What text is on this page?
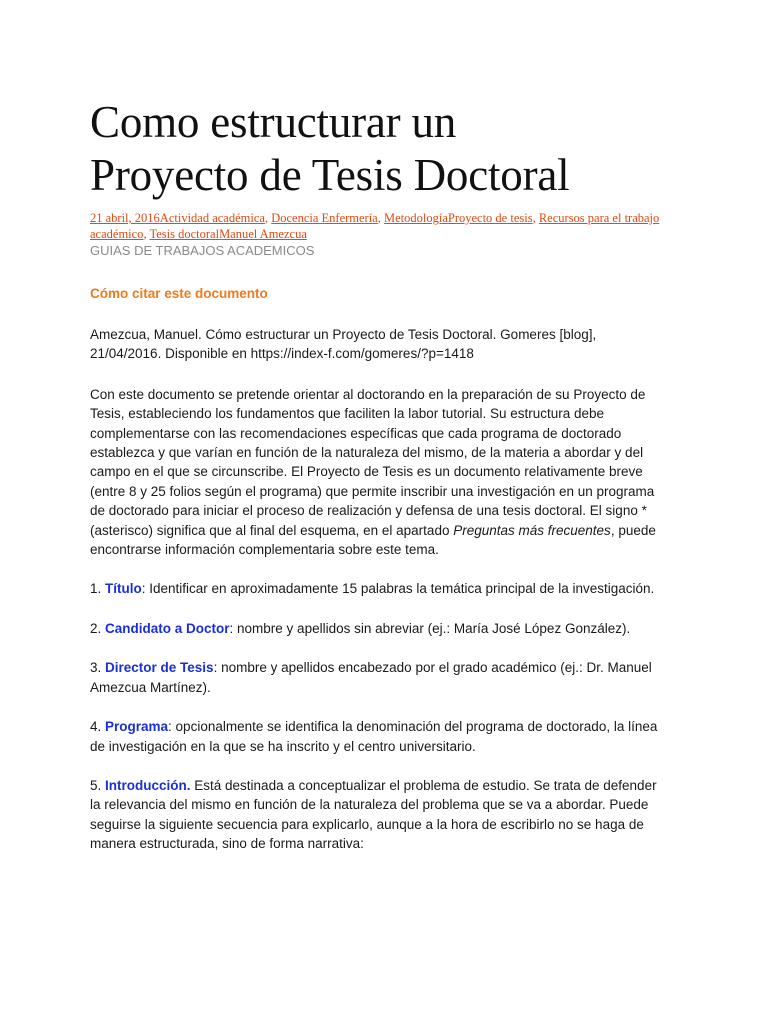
Como estructurar un
Proyecto de Tesis Doctoral
21 abril, 2016Actividad académica, Docencia Enfermería, MetodologíaProyecto de tesis, Recursos para el trabajo académico, Tesis doctoralManuel Amezcua
GUIAS DE TRABAJOS ACADEMICOS
Cómo citar este documento

Amezcua, Manuel. Cómo estructurar un Proyecto de Tesis Doctoral. Gomeres [blog], 21/04/2016. Disponible en https://index-f.com/gomeres/?p=1418

Con este documento se pretende orientar al doctorando en la preparación de su Proyecto de Tesis, estableciendo los fundamentos que faciliten la labor tutorial. Su estructura debe complementarse con las recomendaciones específicas que cada programa de doctorado establezca y que varían en función de la naturaleza del mismo, de la materia a abordar y del campo en el que se circunscribe. El Proyecto de Tesis es un documento relativamente breve (entre 8 y 25 folios según el programa) que permite inscribir una investigación en un programa de doctorado para iniciar el proceso de realización y defensa de una tesis doctoral. El signo * (asterisco) significa que al final del esquema, en el apartado Preguntas más frecuentes, puede encontrarse información complementaria sobre este tema.

1. Título: Identificar en aproximadamente 15 palabras la temática principal de la investigación.

2. Candidato a Doctor: nombre y apellidos sin abreviar (ej.: María José López González).

3. Director de Tesis: nombre y apellidos encabezado por el grado académico (ej.: Dr. Manuel Amezcua Martínez).

4. Programa: opcionalmente se identifica la denominación del programa de doctorado, la línea de investigación en la que se ha inscrito y el centro universitario.

5. Introducción. Está destinada a conceptualizar el problema de estudio. Se trata de defender la relevancia del mismo en función de la naturaleza del problema que se va a abordar. Puede seguirse la siguiente secuencia para explicarlo, aunque a la hora de escribirlo no se haga de manera estructurada, sino de forma narrativa:
